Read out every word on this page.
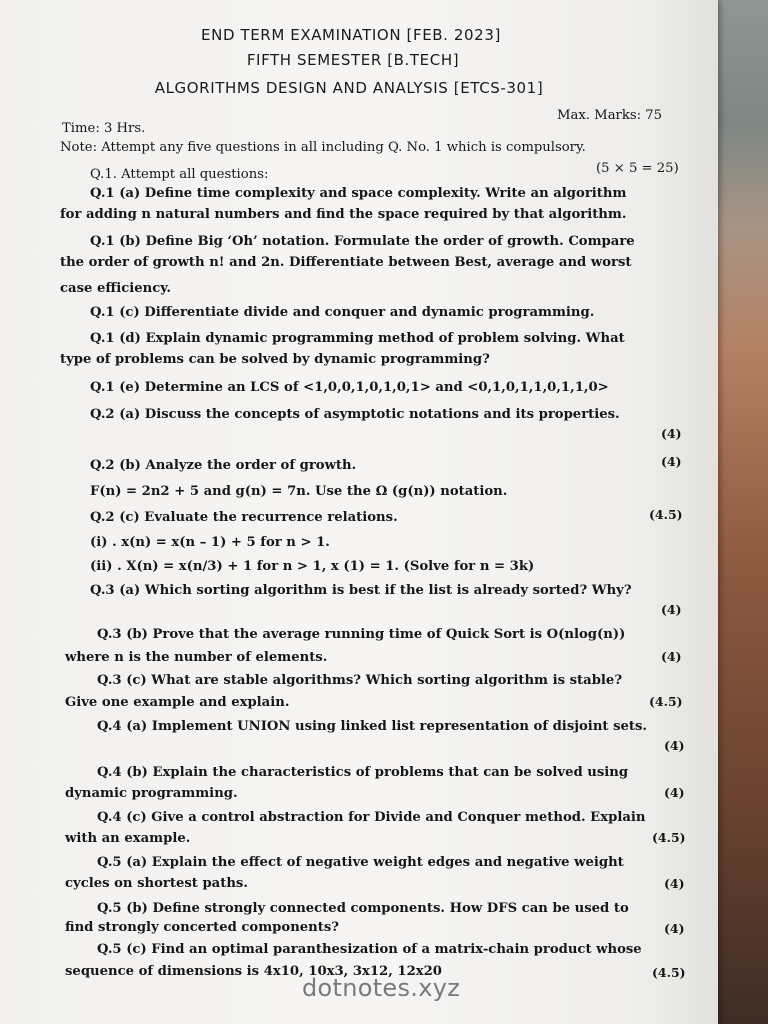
END TERM EXAMINATION [FEB. 2023]
FIFTH SEMESTER [B.TECH]
ALGORITHMS DESIGN AND ANALYSIS [ETCS-301]
Time: 3 Hrs.
Max. Marks: 75
Note: Attempt any five questions in all including Q. No. 1 which is compulsory.
Q.1. Attempt all questions:	(5 × 5 = 25)
Q.1 (a) Define time complexity and space complexity. Write an algorithm
for adding n natural numbers and find the space required by that algorithm.
Q.1 (b) Define Big ‘Oh’ notation. Formulate the order of growth. Compare
the order of growth n! and 2n. Differentiate between Best, average and worst
case efficiency.
Q.1 (c) Differentiate divide and conquer and dynamic programming.
Q.1 (d) Explain dynamic programming method of problem solving. What
type of problems can be solved by dynamic programming?
Q.1 (e) Determine an LCS of <1,0,0,1,0,1,0,1> and <0,1,0,1,1,0,1,1,0>
Q.2 (a) Discuss the concepts of asymptotic notations and its properties.
(4)
Q.2 (b) Analyze the order of growth.	(4)
F(n) = 2n2 + 5 and g(n) = 7n. Use the Ω (g(n)) notation.
Q.2 (c) Evaluate the recurrence relations.	(4.5)
(i) . x(n) = x(n – 1) + 5 for n > 1.
(ii) . X(n) = x(n/3) + 1 for n > 1, x (1) = 1. (Solve for n = 3k)
Q.3 (a) Which sorting algorithm is best if the list is already sorted? Why?
(4)
Q.3 (b) Prove that the average running time of Quick Sort is O(nlog(n))
where n is the number of elements.	(4)
Q.3 (c) What are stable algorithms? Which sorting algorithm is stable?
Give one example and explain.	(4.5)
Q.4 (a) Implement UNION using linked list representation of disjoint sets.
(4)
Q.4 (b) Explain the characteristics of problems that can be solved using
dynamic programming.	(4)
Q.4 (c) Give a control abstraction for Divide and Conquer method. Explain
with an example.	(4.5)
Q.5 (a) Explain the effect of negative weight edges and negative weight
cycles on shortest paths.	(4)
Q.5 (b) Define strongly connected components. How DFS can be used to
find strongly concerted components?	(4)
Q.5 (c) Find an optimal paranthesization of a matrix-chain product whose
sequence of dimensions is 4x10, 10x3, 3x12, 12x20	(4.5)
dotnotes.xyz
